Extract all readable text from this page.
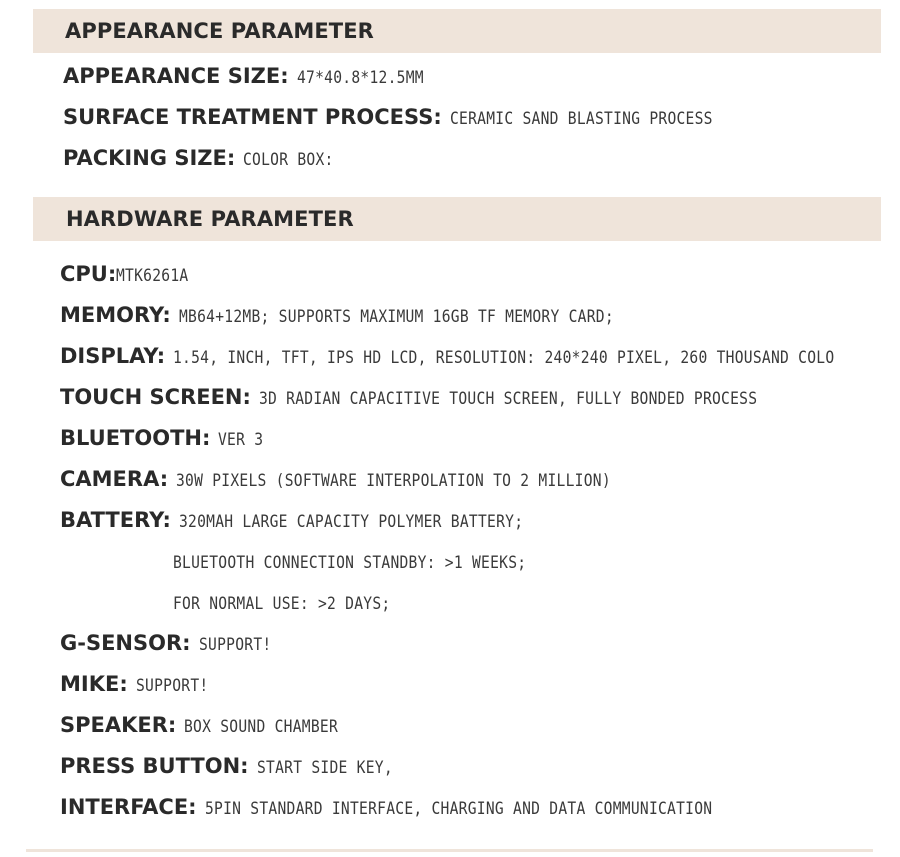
APPEARANCE PARAMETER
APPEARANCE SIZE: 47*40.8*12.5MM
SURFACE TREATMENT PROCESS: CERAMIC SAND BLASTING PROCESS
PACKING SIZE: COLOR BOX:
HARDWARE PARAMETER
CPU: MTK6261A
MEMORY: MB64+12MB; SUPPORTS MAXIMUM 16GB TF MEMORY CARD;
DISPLAY: 1.54, INCH, TFT, IPS HD LCD, RESOLUTION: 240*240 PIXEL, 260 THOUSAND COLO
TOUCH SCREEN: 3D RADIAN CAPACITIVE TOUCH SCREEN, FULLY BONDED PROCESS
BLUETOOTH: VER 3
CAMERA: 30W PIXELS (SOFTWARE INTERPOLATION TO 2 MILLION)
BATTERY: 320MAH LARGE CAPACITY POLYMER BATTERY;
BLUETOOTH CONNECTION STANDBY: >1 WEEKS;
FOR NORMAL USE: >2 DAYS;
G-SENSOR: SUPPORT!
MIKE: SUPPORT!
SPEAKER: BOX SOUND CHAMBER
PRESS BUTTON: START SIDE KEY,
INTERFACE: 5PIN STANDARD INTERFACE, CHARGING AND DATA COMMUNICATION
